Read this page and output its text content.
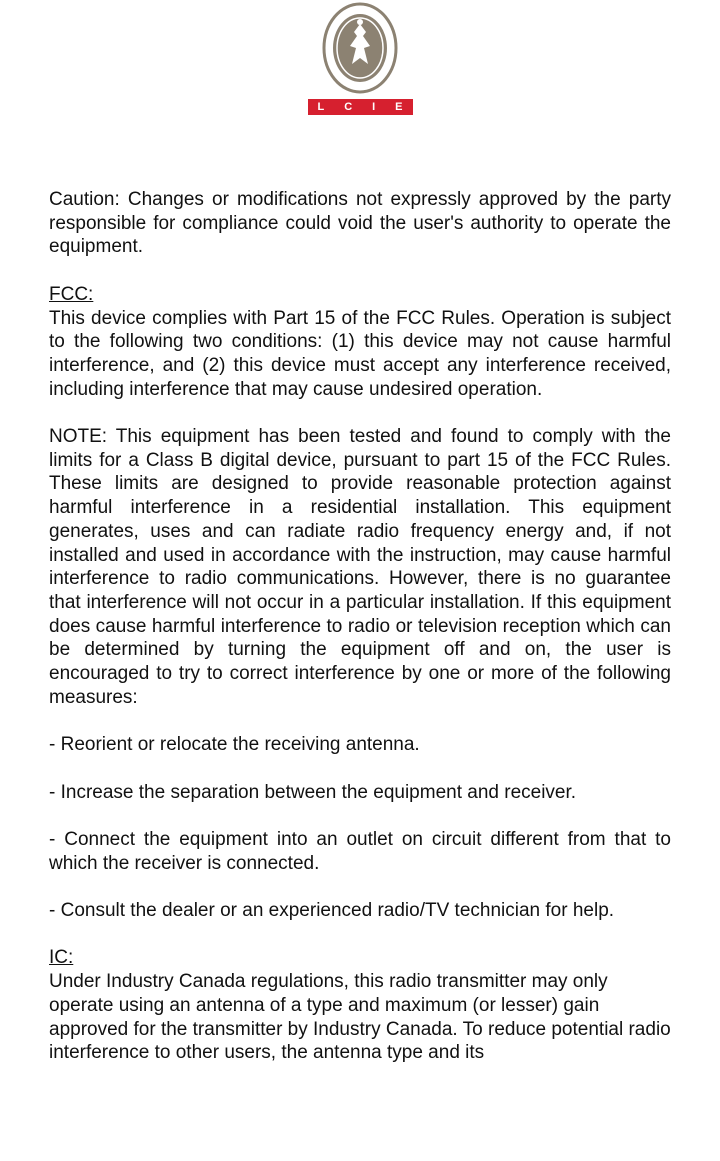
L C I E

Caution: Changes or modifications not expressly approved by the party responsible for compliance could void the user's authority to operate the equipment.

FCC:

This device complies with Part 15 of the FCC Rules. Operation is subject to the following two conditions: (1) this device may not cause harmful interference, and (2) this device must accept any interference received, including interference that may cause undesired operation.

NOTE: This equipment has been tested and found to comply with the limits for a Class B digital device, pursuant to part 15 of the FCC Rules. These limits are designed to provide reasonable protection against harmful interference in a residential installation. This equipment generates, uses and can radiate radio frequency energy and, if not installed and used in accordance with the instruction, may cause harmful interference to radio communications. However, there is no guarantee that interference will not occur in a particular installation. If this equipment does cause harmful interference to radio or television reception which can be determined by turning the equipment off and on, the user is encouraged to try to correct interference by one or more of the following measures:

- Reorient or relocate the receiving antenna.

- Increase the separation between the equipment and receiver.

- Connect the equipment into an outlet on circuit different from that to which the receiver is connected.

- Consult the dealer or an experienced radio/TV technician for help.

IC:

Under Industry Canada regulations, this radio transmitter may only operate using an antenna of a type and maximum (or lesser) gain approved for the transmitter by Industry Canada. To reduce potential radio interference to other users, the antenna type and its
